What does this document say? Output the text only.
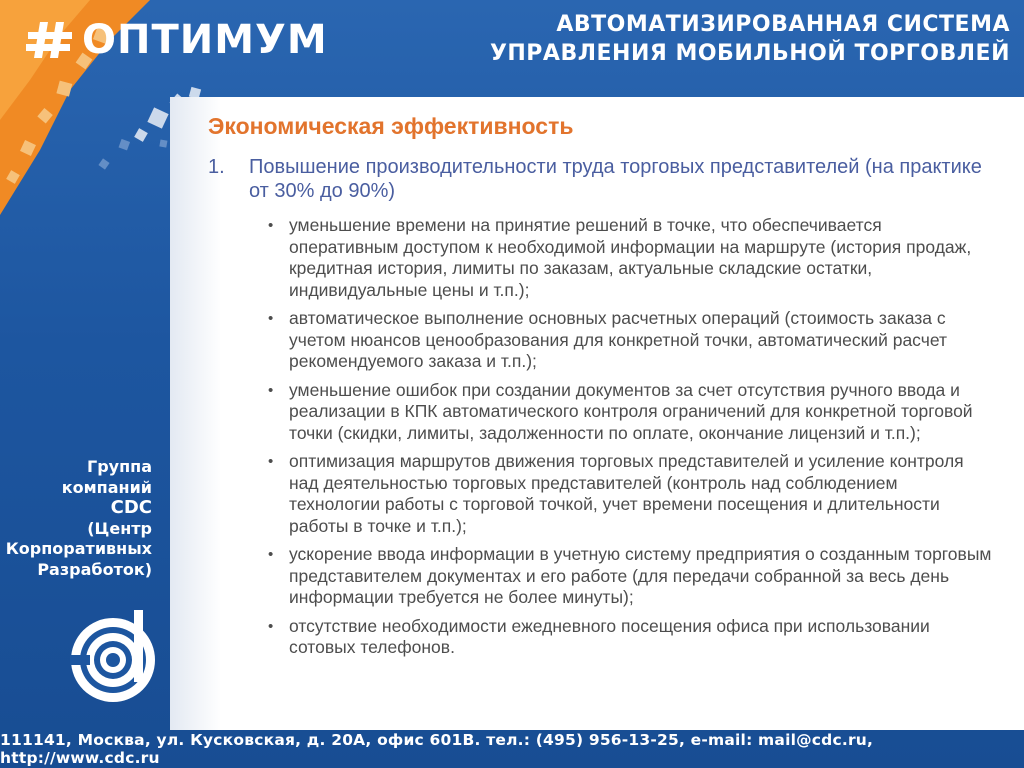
ОПТИМУМ	АВТОМАТИЗИРОВАННАЯ СИСТЕМА
УПРАВЛЕНИЯ МОБИЛЬНОЙ ТОРГОВЛЕЙ
Экономическая эффективность
1. Повышение производительности труда торговых представителей (на практике от 30% до 90%)
• уменьшение времени на принятие решений в точке, что обеспечивается оперативным доступом к необходимой информации на маршруте (история продаж, кредитная история, лимиты по заказам, актуальные складские остатки, индивидуальные цены и т.п.);
• автоматическое выполнение основных расчетных операций (стоимость заказа с учетом нюансов ценообразования для конкретной точки, автоматический расчет рекомендуемого заказа и т.п.);
• уменьшение ошибок при создании документов за счет отсутствия ручного ввода и реализации в КПК автоматического контроля ограничений для конкретной торговой точки (скидки, лимиты, задолженности по оплате, окончание лицензий и т.п.);
• оптимизация маршрутов движения торговых представителей и усиление контроля над деятельностью торговых представителей (контроль над соблюдением технологии работы с торговой точкой, учет времени посещения и длительности работы в точке и т.п.);
• ускорение ввода информации в учетную систему предприятия о созданным торговым представителем документах и его работе (для передачи собранной за весь день информации требуется не более минуты);
• отсутствие необходимости ежедневного посещения офиса при использовании сотовых телефонов.
Группа
компаний
CDC
(Центр
Корпоративных
Разработок)
111141, Москва, ул. Кусковская, д. 20А, офис 601В. тел.: (495) 956-13-25, e-mail: mail@cdc.ru, http://www.cdc.ru
